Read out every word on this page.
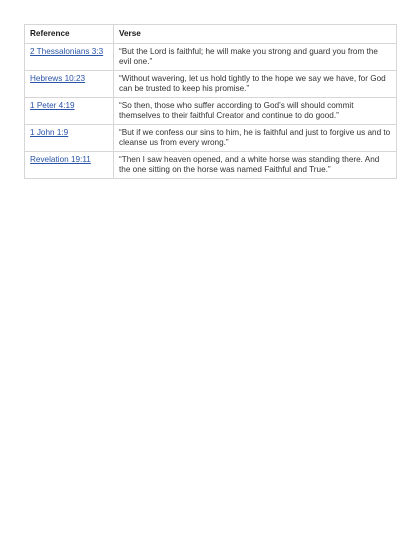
Reference	Verse
2 Thessalonians 3:3	“But the Lord is faithful; he will make you strong and guard you from the evil one.”
Hebrews 10:23	“Without wavering, let us hold tightly to the hope we say we have, for God can be trusted to keep his promise.”
1 Peter 4:19	“So then, those who suffer according to God’s will should commit themselves to their faithful Creator and continue to do good.”
1 John 1:9	“But if we confess our sins to him, he is faithful and just to forgive us and to cleanse us from every wrong.”
Revelation 19:11	“Then I saw heaven opened, and a white horse was standing there. And the one sitting on the horse was named Faithful and True.”
